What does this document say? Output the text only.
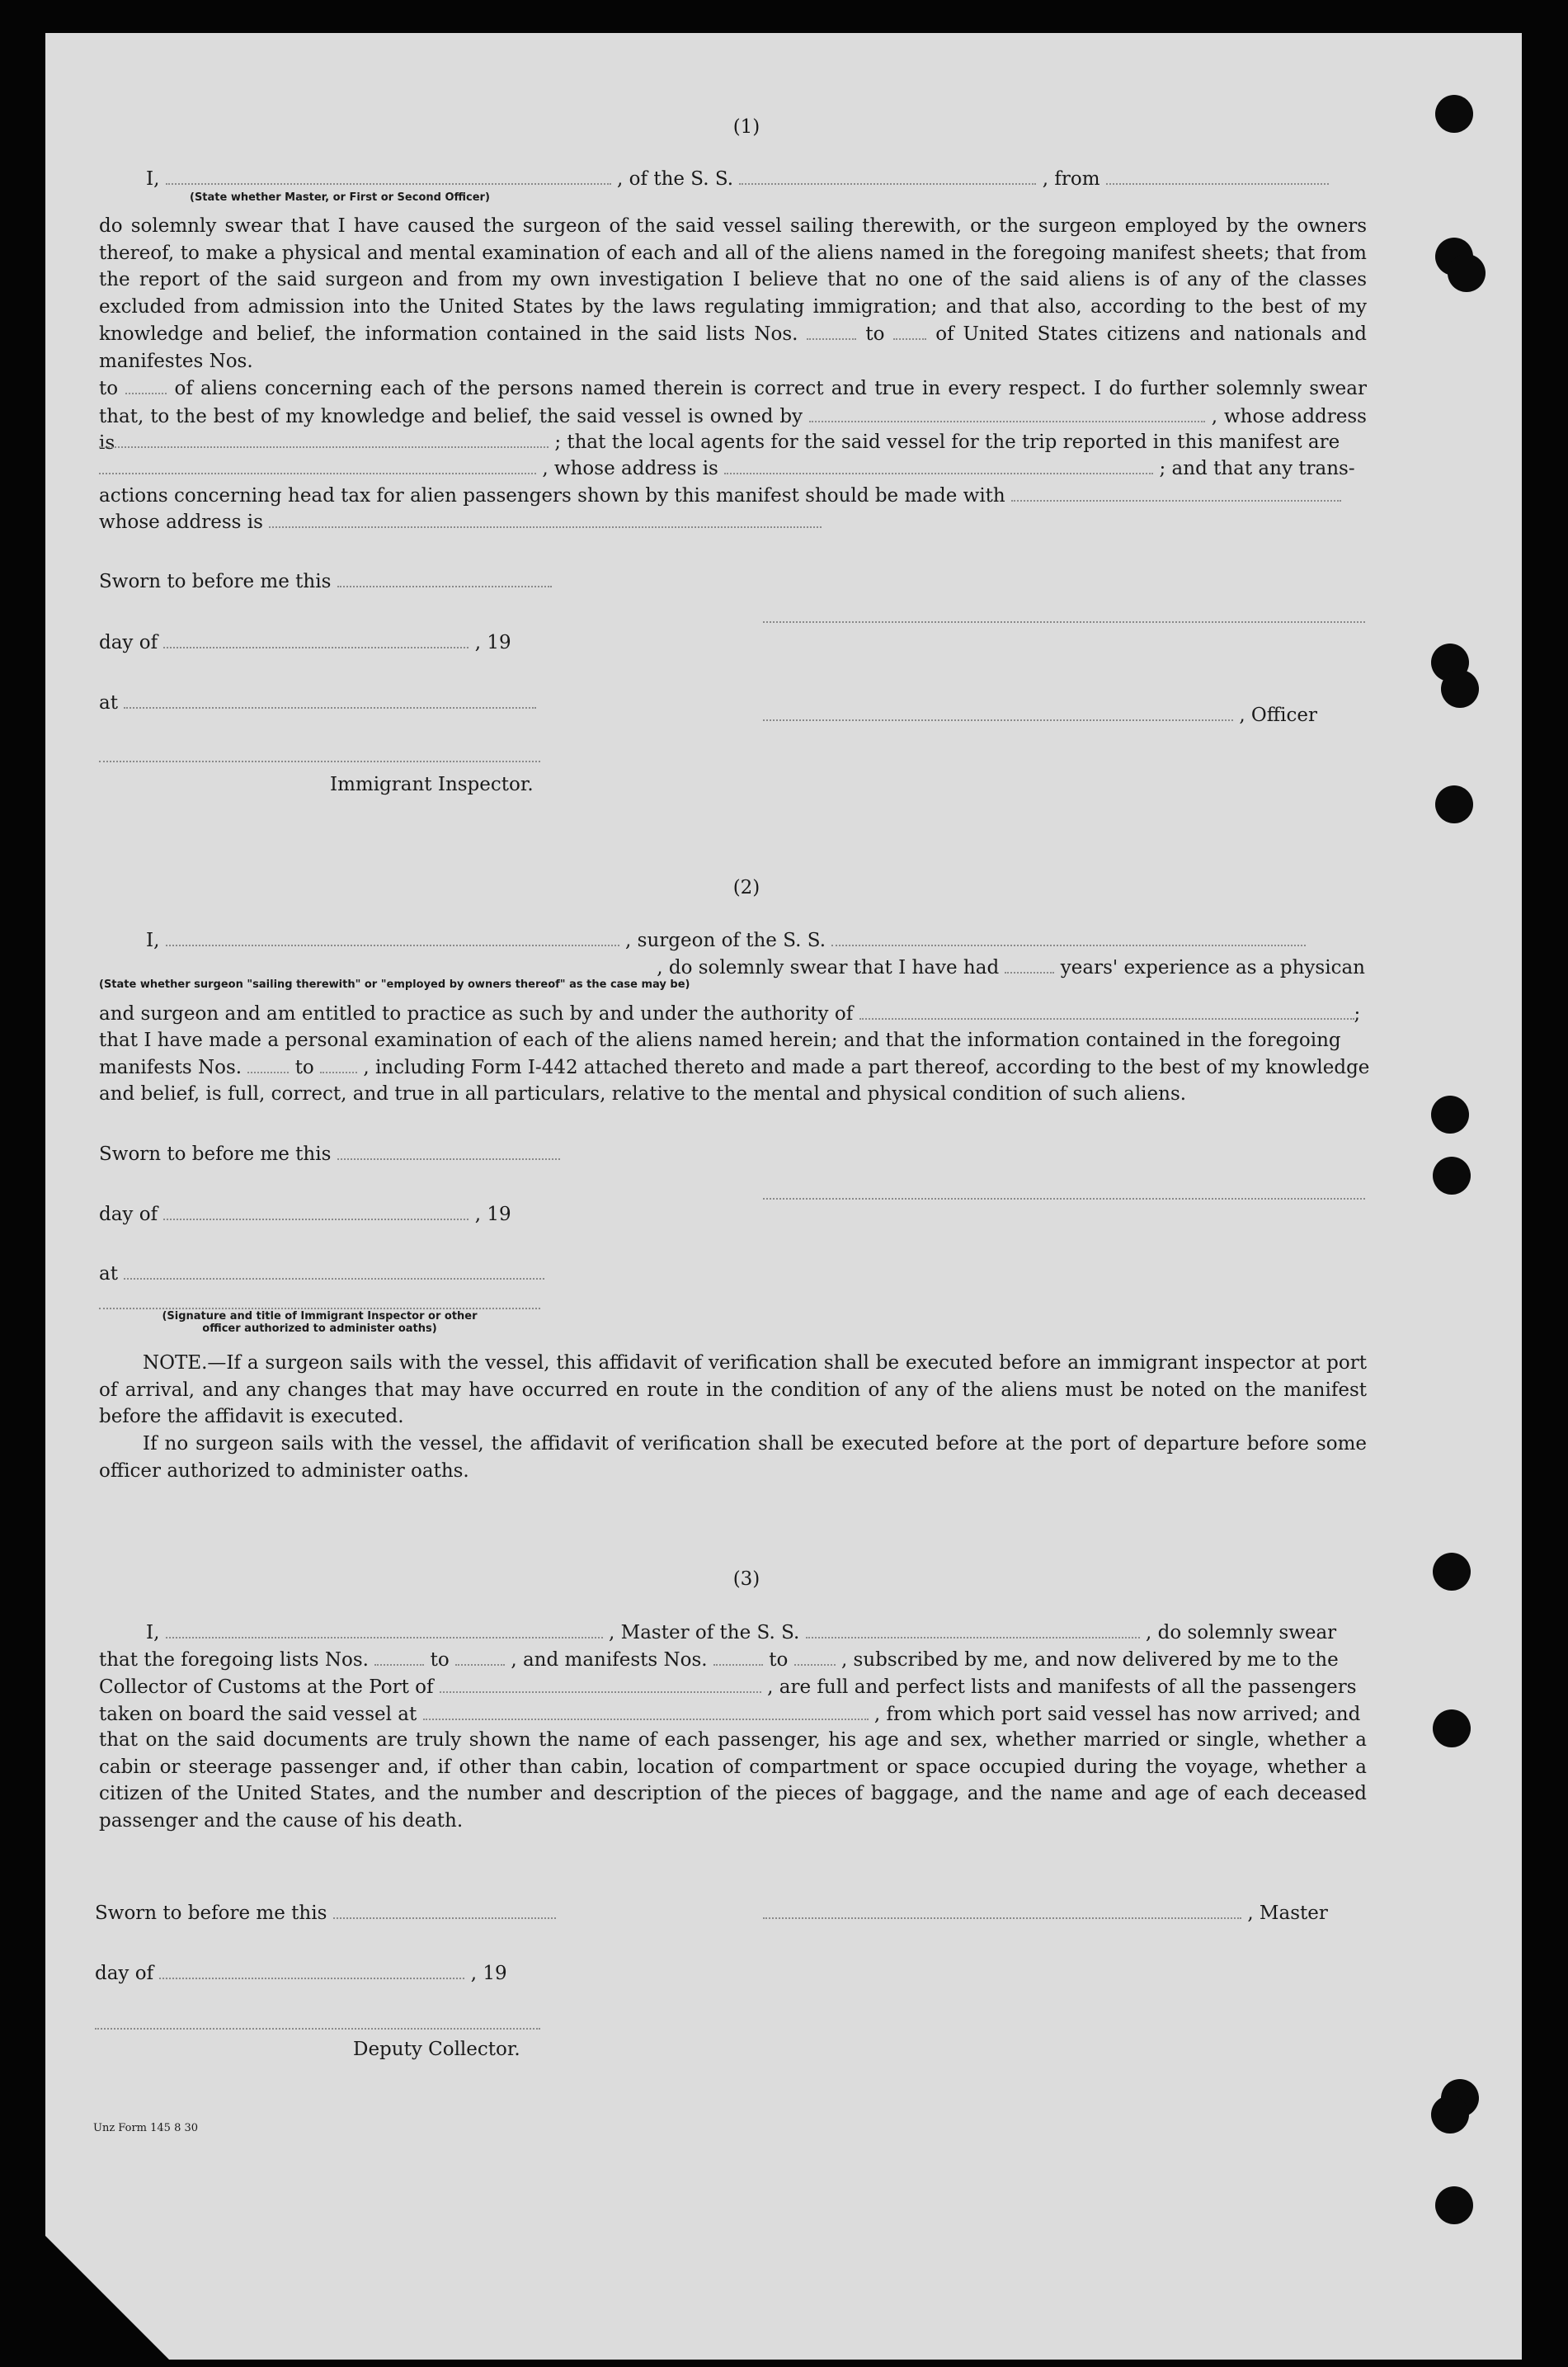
(1)
I,	, of the S. S.	, from
(State whether Master, or First or Second Officer)
do solemnly swear that I have caused the surgeon of the said vessel sailing therewith, or the surgeon employed by the owners thereof, to make a physical and mental examination of each and all of the aliens named in the foregoing manifest sheets; that from the report of the said surgeon and from my own investigation I believe that no one of the said aliens is of any of the classes excluded from admission into the United States by the laws regulating immigration; and that also, according to the best of my knowledge and belief, the information contained in the said lists Nos.	to	of United States citizens and nationals and manifestes Nos.
to	of aliens concerning each of the persons named therein is correct and true in every respect. I do further solemnly swear that, to the best of my knowledge and belief, the said vessel is owned by	, whose address is	; that the local agents for the said vessel for the trip reported in this manifest are
, whose address is	; and that any trans-
actions concerning head tax for alien passengers shown by this manifest should be made with
whose address is
Sworn to before me this
day of	, 19
at
, Officer
Immigrant Inspector.
(2)
I,	, surgeon of the S. S.
, do solemnly swear that I have had	years' experience as a physican
(State whether surgeon "sailing therewith" or "employed by owners thereof" as the case may be)
and surgeon and am entitled to practice as such by and under the authority of	;
that I have made a personal examination of each of the aliens named herein; and that the information contained in the foregoing
manifests Nos.	to	, including Form I-442 attached thereto and made a part thereof, according to the best of my knowledge
and belief, is full, correct, and true in all particulars, relative to the mental and physical condition of such aliens.
Sworn to before me this
day of	, 19
at
(Signature and title of Immigrant Inspector or other
officer authorized to administer oaths)
NOTE.—If a surgeon sails with the vessel, this affidavit of verification shall be executed before an immigrant inspector at port of arrival, and any changes that may have occurred en route in the condition of any of the aliens must be noted on the manifest before the affidavit is executed.
If no surgeon sails with the vessel, the affidavit of verification shall be executed before at the port of departure before some officer authorized to administer oaths.
(3)
I,	, Master of the S. S.	, do solemnly swear
that the foregoing lists Nos.	to	, and manifests Nos.	to	, subscribed by me, and now delivered by me to the
Collector of Customs at the Port of	, are full and perfect lists and manifests of all the passengers
taken on board the said vessel at	, from which port said vessel has now arrived; and
that on the said documents are truly shown the name of each passenger, his age and sex, whether married or single, whether a cabin or steerage passenger and, if other than cabin, location of compartment or space occupied during the voyage, whether a citizen of the United States, and the number and description of the pieces of baggage, and the name and age of each deceased passenger and the cause of his death.
Sworn to before me this	, Master
day of	, 19
Deputy Collector.
Unz Form 145 8 30
